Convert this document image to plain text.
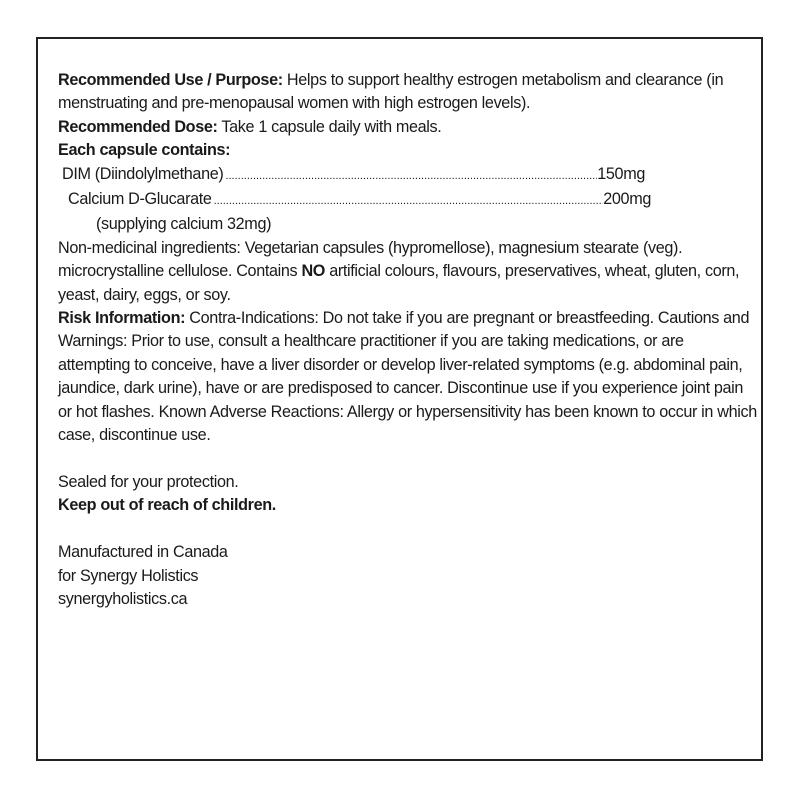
Recommended Use / Purpose: Helps to support healthy estrogen metabolism and clearance (in menstruating and pre-menopausal women with high estrogen levels).

Recommended Dose: Take 1 capsule daily with meals.

Each capsule contains:

DIM (Diindolylmethane) .....	150mg
Calcium D-Glucarate .....	200mg
(supplying calcium 32mg)

Non-medicinal ingredients: Vegetarian capsules (hypromellose), magnesium stearate (veg). microcrystalline cellulose. Contains NO artificial colours, flavours, preservatives, wheat, gluten, corn, yeast, dairy, eggs, or soy.

Risk Information: Contra-Indications: Do not take if you are pregnant or breastfeeding. Cautions and Warnings: Prior to use, consult a healthcare practitioner if you are taking medications, or are attempting to conceive, have a liver disorder or develop liver-related symptoms (e.g. abdominal pain, jaundice, dark urine), have or are predisposed to cancer. Discontinue use if you experience joint pain or hot flashes. Known Adverse Reactions: Allergy or hypersensitivity has been known to occur in which case, discontinue use.

Sealed for your protection.

Keep out of reach of children.

Manufactured in Canada

for Synergy Holistics

synergyholistics.ca
